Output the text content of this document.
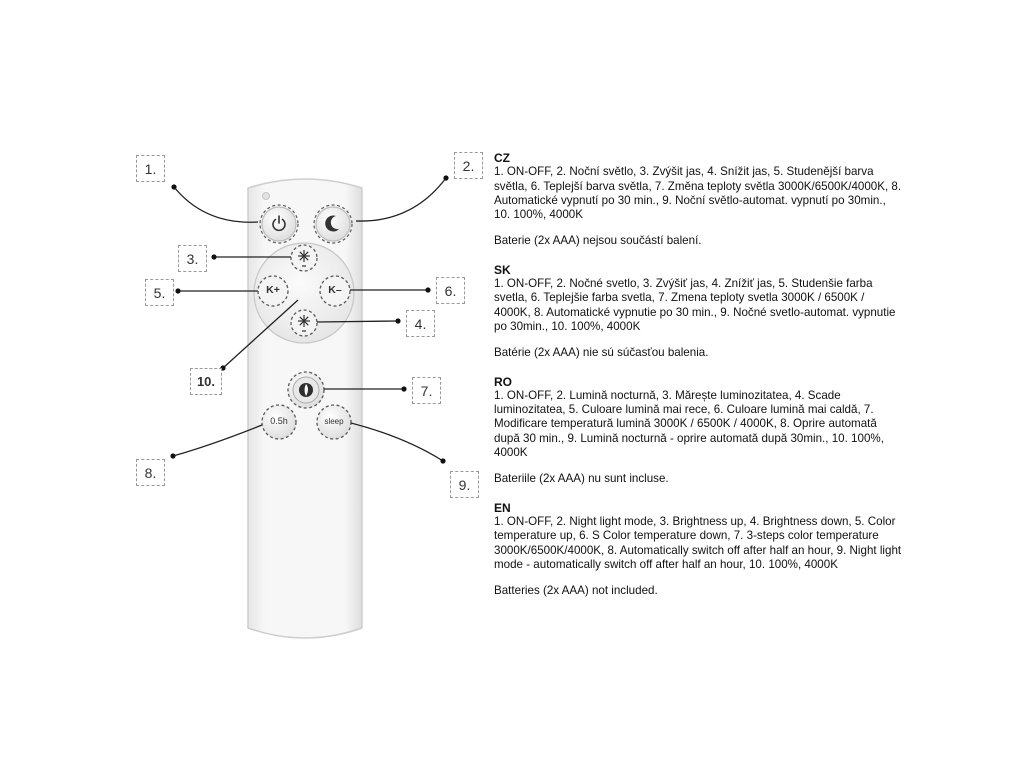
K+	K–
0.5h	sleep
1.	2.
3.
4.
5.	6.
7.
8.
9.
10.
CZ

1. ON-OFF, 2. Noční světlo, 3. Zvýšit jas, 4. Snížit jas, 5. Studenější barva světla, 6. Teplejší barva světla, 7. Změna teploty světla 3000K/6500K/4000K, 8. Automatické vypnutí po 30 min., 9. Noční světlo-automat. vypnutí po 30min., 10. 100%, 4000K

Baterie (2x AAA) nejsou součástí balení.

SK

1. ON-OFF, 2. Nočné svetlo, 3. Zvýšiť jas, 4. Znížiť jas, 5. Studenšie farba svetla, 6. Teplejšie farba svetla, 7. Zmena teploty svetla 3000K / 6500K / 4000K, 8. Automatické vypnutie po 30 min., 9. Nočné svetlo-automat. vypnutie po 30min., 10. 100%, 4000K

Batérie (2x AAA) nie sú súčasťou balenia.

RO

1. ON-OFF, 2. Lumină nocturnă, 3. Mărește luminozitatea, 4. Scade luminozitatea, 5. Culoare lumină mai rece, 6. Culoare lumină mai caldă, 7. Modificare temperatură lumină 3000K / 6500K / 4000K, 8. Oprire automată după 30 min., 9. Lumină nocturnă - oprire automată după 30min., 10. 100%, 4000K

Bateriile (2x AAA) nu sunt incluse.

EN

1. ON-OFF, 2. Night light mode, 3. Brightness up, 4. Brightness down, 5. Color temperature up, 6. S Color temperature down, 7. 3-steps color temperature 3000K/6500K/4000K, 8. Automatically switch off after half an hour, 9. Night light mode - automatically switch off after half an hour, 10. 100%, 4000K

Batteries (2x AAA) not included.
